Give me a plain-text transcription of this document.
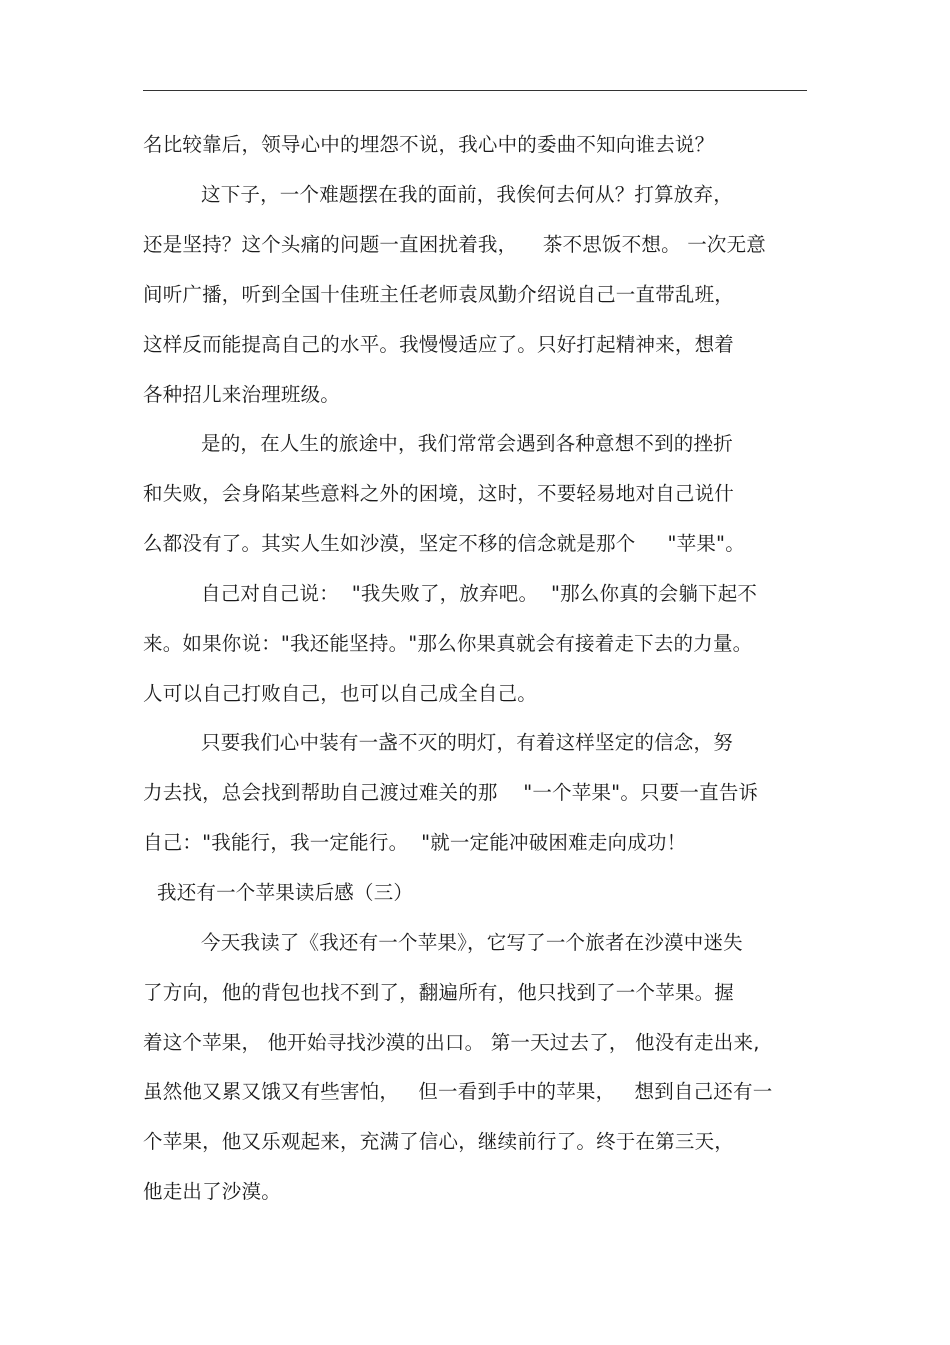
名比较靠后，领导心中的埋怨不说，我心中的委曲不知向谁去说？
这下子，一个难题摆在我的面前，我俟何去何从？打算放弃，
还是坚持？这个头痛的问题一直困扰着我，    茶不思饭不想。 一次无意
间听广播，听到全国十佳班主任老师袁凤勤介绍说自己一直带乱班，
这样反而能提高自己的水平。我慢慢适应了。只好打起精神来，想着
各种招儿来治理班级。
是的，在人生的旅途中，我们常常会遇到各种意想不到的挫折
和失败，会身陷某些意料之外的困境，这时，不要轻易地对自己说什
么都没有了。其实人生如沙漠，坚定不移的信念就是那个     "苹果"。
自己对自己说：  "我失败了，放弃吧。  "那么你真的会躺下起不
来。如果你说："我还能坚持。"那么你果真就会有接着走下去的力量。
人可以自己打败自己，也可以自己成全自己。
只要我们心中装有一盏不灭的明灯，有着这样坚定的信念，努
力去找，总会找到帮助自己渡过难关的那    "一个苹果"。只要一直告诉
自己："我能行，我一定能行。  "就一定能冲破困难走向成功！
我还有一个苹果读后感（三）
今天我读了《我还有一个苹果》，它写了一个旅者在沙漠中迷失
了方向，他的背包也找不到了，翻遍所有，他只找到了一个苹果。握
着这个苹果， 他开始寻找沙漠的出口。 第一天过去了， 他没有走出来,
虽然他又累又饿又有些害怕，   但一看到手中的苹果，   想到自己还有一
个苹果，他又乐观起来，充满了信心，继续前行了。终于在第三天，
他走出了沙漠。
